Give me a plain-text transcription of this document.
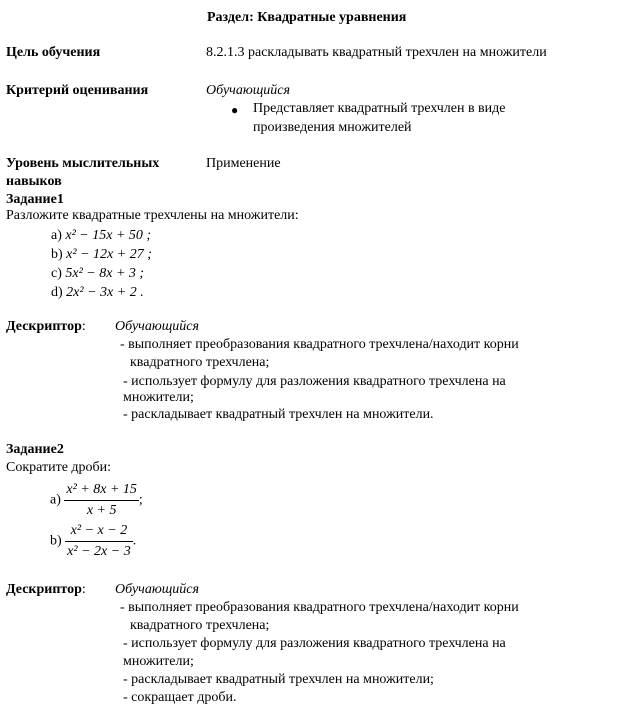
Раздел: Квадратные уравнения
Цель обучения	8.2.1.3 раскладывать квадратный трехчлен на множители
Критерий оценивания	Обучающийся
● Представляет квадратный трехчлен в виде
произведения множителей
Уровень мыслительных
навыков
Применение
Задание1
Разложите квадратные трехчлены на множители:
a) x² − 15x + 50 ;
b) x² − 12x + 27 ;
c) 5x² − 8x + 3 ;
d) 2x² − 3x + 2 .
Дескриптор: Обучающийся
- выполняет преобразования квадратного трехчлена/находит корни
квадратного трехчлена;
- использует формулу для разложения квадратного трехчлена на
множители;
- раскладывает квадратный трехчлен на множители.
Задание2
Сократите дроби:
$a) \frac{\text{x² + 8x + 15}}{x + 5}$ ;
$b) \frac{\text{x² − x − 2}}{\text{x² − 2x − 3}}$ .
Дескриптор: Обучающийся
- выполняет преобразования квадратного трехчлена/находит корни
квадратного трехчлена;
- использует формулу для разложения квадратного трехчлена на
множители;
- раскладывает квадратный трехчлен на множители;
- сокращает дроби.
